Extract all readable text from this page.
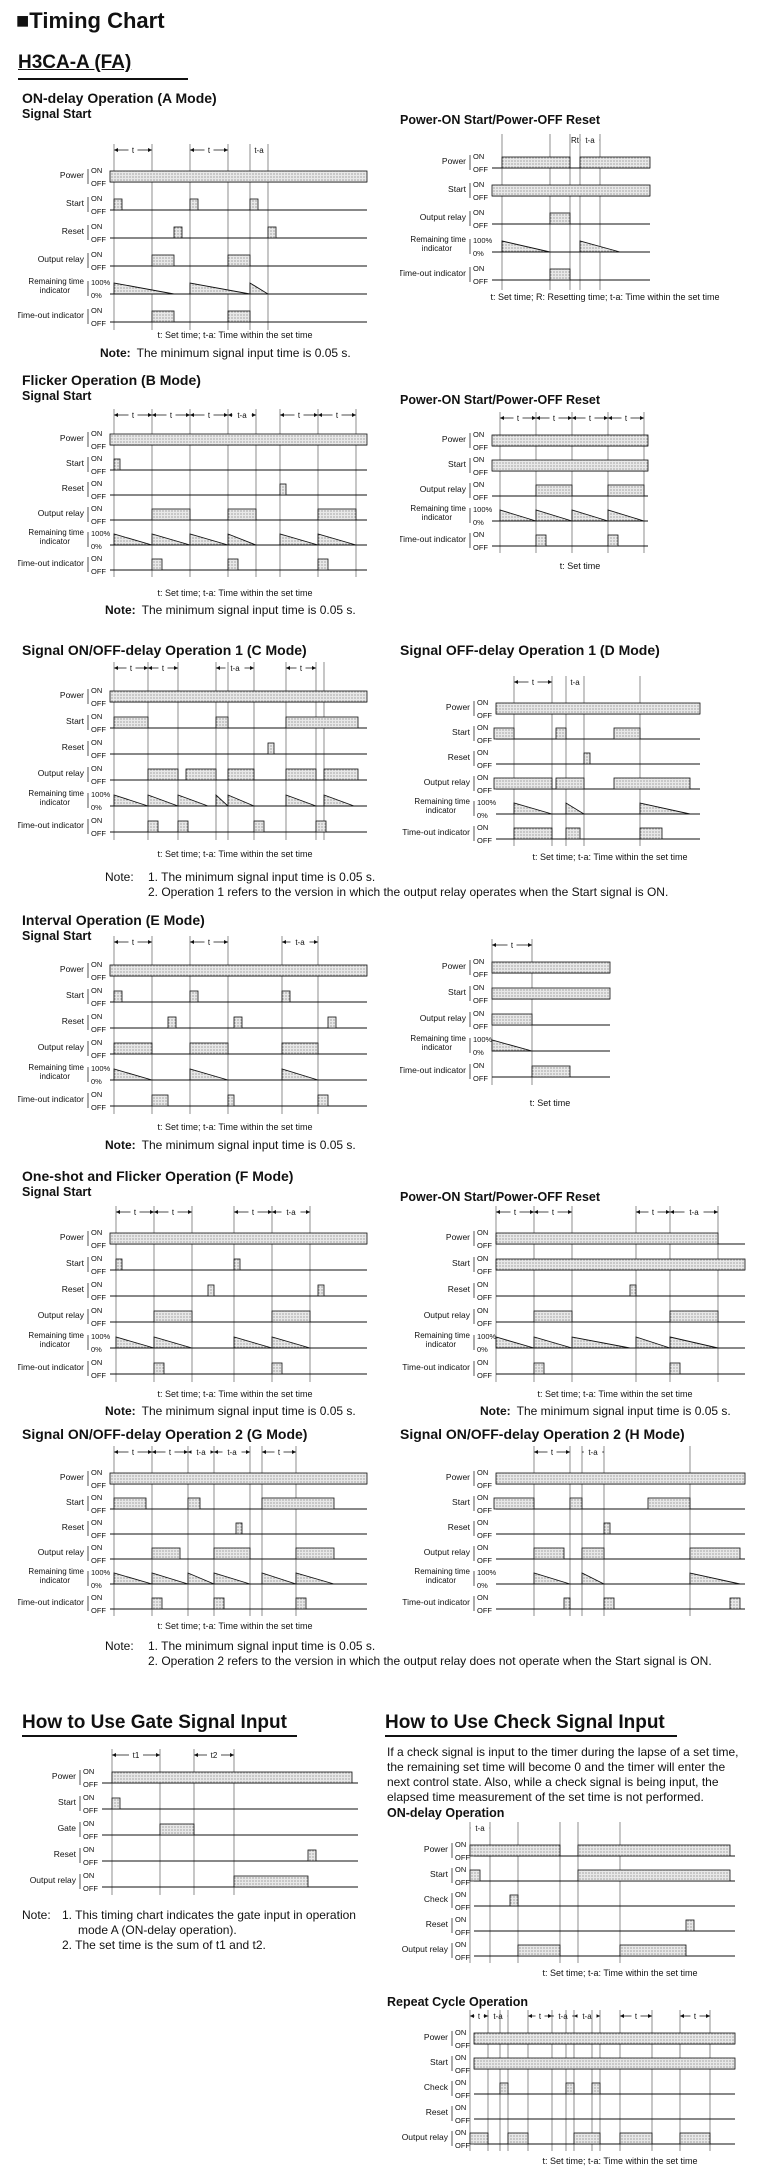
■Timing Chart
H3CA-A (FA)
ON-delay Operation (A Mode)
Signal Start	Power-ON Start/Power-OFF Reset
t	t	t-a
Power ON
OFF
Start ON
OFF
Reset ON
OFF
Output relay ON
OFF
Remaining time
indicator
100%
0%
Time-out indicator ON
OFF
t: Set time; t-a: Time within the set time
Note: The minimum signal input time is 0.05 s.
Rt t-a
Power ON
OFF
Start ON
OFF
Output relay ON
OFF
Remaining time
indicator
100%
0%
Time-out indicator ON
OFF
t: Set time; R: Resetting time; t-a: Time within the set time
Flicker Operation (B Mode)
Signal Start	Power-ON Start/Power-OFF Reset
t	t	t	t-a	t	t
Power ON
OFF
Start ON
OFF
Reset ON
OFF
Output relay ON
OFF
Remaining time
indicator
100%
0%
Time-out indicator ON
OFF
t: Set time; t-a: Time within the set time
Note: The minimum signal input time is 0.05 s.
t	t	t	t
Power ON
OFF
Start ON
OFF
Output relay ON
OFF
Remaining time
indicator
100%
0%
Time-out indicator ON
OFF
t: Set time
Signal ON/OFF-delay Operation 1 (C Mode)	Signal OFF-delay Operation 1 (D Mode)
t	t	t-a	t
Power ON
OFF
Start ON
OFF
Reset ON
OFF
Output relay ON
OFF
Remaining time
indicator
100%
0%
Time-out indicator ON
OFF
t: Set time; t-a: Time within the set time
t	t-a
Power ON
OFF
Start ON
OFF
Reset ON
OFF
Output relay ON
OFF
Remaining time
indicator
100%
0%
Time-out indicator ON
OFF
t: Set time; t-a: Time within the set time
Note: 1. The minimum signal input time is 0.05 s.
2. Operation 1 refers to the version in which the output relay operates when the Start signal is ON.
Interval Operation (E Mode)
Signal Start	t	t	t-a
Power ON
OFF
Start ON
OFF
Reset ON
OFF
Output relay ON
OFF
Remaining time
indicator
100%
0%
Time-out indicator ON
OFF
t: Set time; t-a: Time within the set time
Note: The minimum signal input time is 0.05 s.
t
Power ON
OFF
Start ON
OFF
Output relay ON
OFF
Remaining time
indicator
100%
0%
Time-out indicator ON
OFF
t: Set time
One-shot and Flicker Operation (F Mode)
Signal Start	Power-ON Start/Power-OFF Reset
t	t	t	t-a
Power ON
OFF
Start ON
OFF
Reset ON
OFF
Output relay ON
OFF
Remaining time
indicator
100%
0%
Time-out indicator ON
OFF
t: Set time; t-a: Time within the set time
Note: The minimum signal input time is 0.05 s.
t	t	t	t-a
Power ON
OFF
Start ON
OFF
Reset ON
OFF
Output relay ON
OFF
Remaining time
indicator
100%
0%
Time-out indicator ON
OFF
t: Set time; t-a: Time within the set time
Note: The minimum signal input time is 0.05 s.
Signal ON/OFF-delay Operation 2 (G Mode)	Signal ON/OFF-delay Operation 2 (H Mode)
t	t	t-a	t-a	t
Power ON
OFF
Start ON
OFF
Reset ON
OFF
Output relay ON
OFF
Remaining time
indicator
100%
0%
Time-out indicator ON
OFF
t: Set time; t-a: Time within the set time
t	t-a
Power ON
OFF
Start ON
OFF
Reset ON
OFF
Output relay ON
OFF
Remaining time
indicator
100%
0%
Time-out indicator ON
OFF
Note: 1. The minimum signal input time is 0.05 s.
2. Operation 2 refers to the version in which the output relay does not operate when the Start signal is ON.
How to Use Gate Signal Input	How to Use Check Signal Input
t1	t2
Power ON
OFF
Start ON
OFF
Gate ON
OFF
Reset ON
OFF
Output relay ON
OFF
Note: 1. This timing chart indicates the gate input in operation
mode A (ON-delay operation).
2. The set time is the sum of t1 and t2.
If a check signal is input to the timer during the lapse of a set time,
the remaining set time will become 0 and the timer will enter the
next control state. Also, while a check signal is being input, the
elapsed time measurement of the set time is not performed.
ON-delay Operation
t-a
Power ON
OFF
Start ON
OFF
Check ON
OFF
Reset ON
OFF
Output relay ON
OFF
t: Set time; t-a: Time within the set time
Repeat Cycle Operation
t t-a	t t-a t-a	t	t
Power ON
OFF
Start ON
OFF
Check ON
OFF
Reset ON
OFF
Output relay ON
OFF
t: Set time; t-a: Time within the set time
